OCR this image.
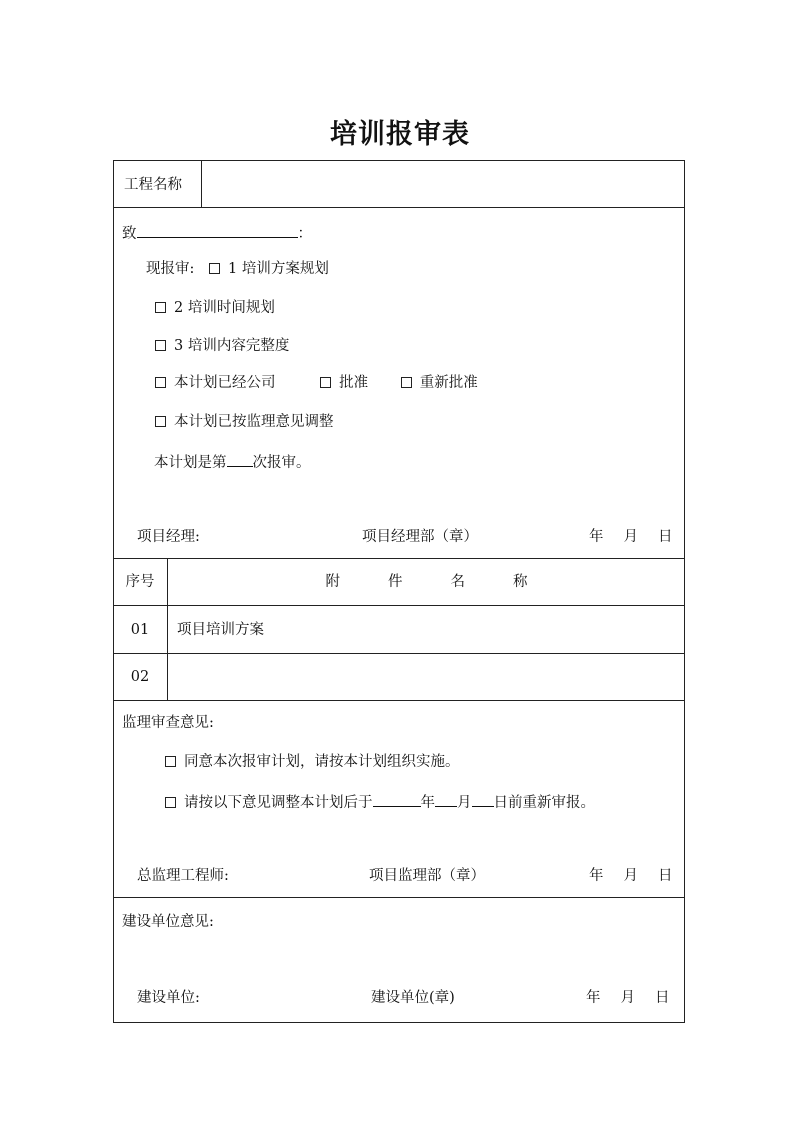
培训报审表
工程名称
致	：
现报审: 1 培训方案规划
2 培训时间规划
3 培训内容完整度
本计划已经公司	批准	重新批准
本计划已按监理意见调整
本计划是第 次报审。
项目经理:	项目经理部（章）	年 月 日
序号	附	件	名	称
01	项目培训方案
02
监理审查意见:
同意本次报审计划，请按本计划组织实施。
请按以下意见调整本计划后于	年 月 日前重新审报。
总监理工程师:	项目监理部（章）	年 月 日
建设单位意见:
建设单位:	建设单位(章)	年 月 日
